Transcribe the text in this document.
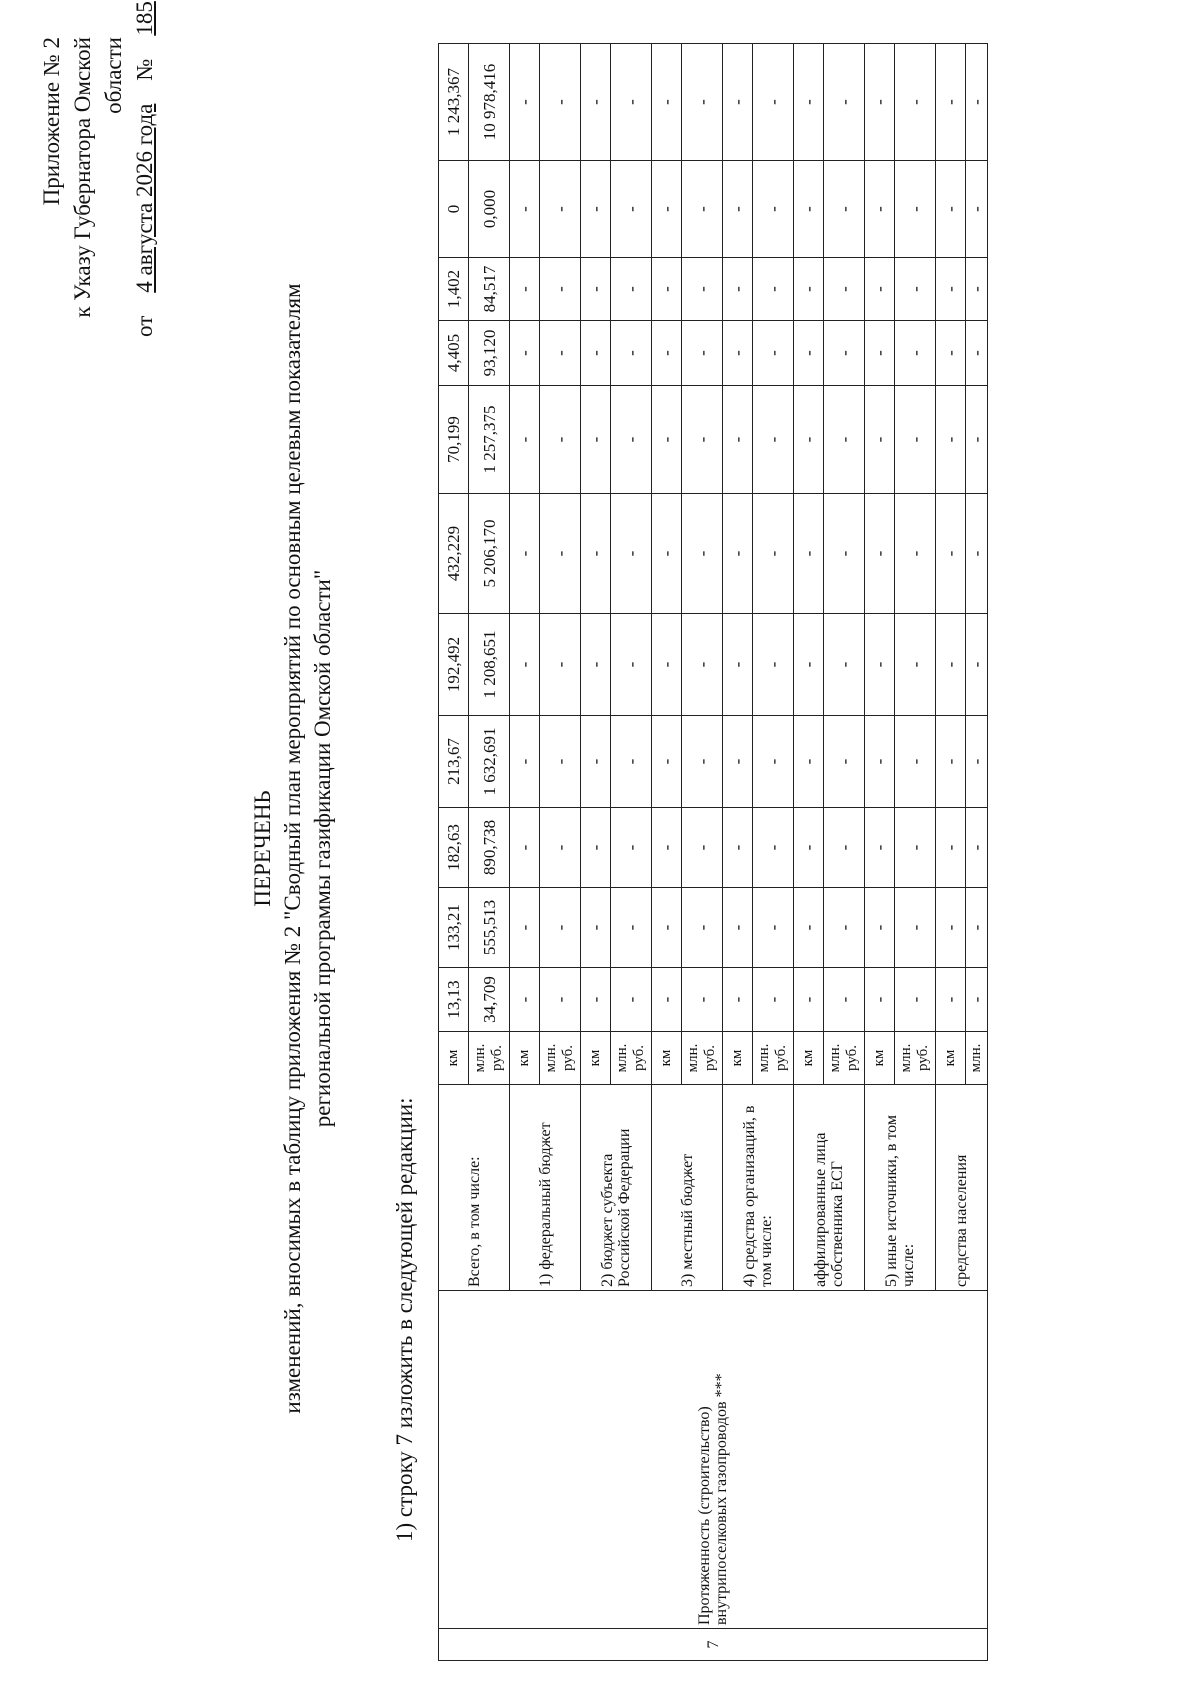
Приложение № 2 к Указу Губернатора Омской области
от    4 августа 2026 года    №    185
ПЕРЕЧЕНЬ изменений, вносимых в таблицу приложения № 2 "Сводный план мероприятий по основным целевым показателям региональной программы газификации Омской области"
1) строку 7 изложить в следующей редакции:
7	Протяженность (строительство) внутрипоселковых газопроводов ***	Всего, в том числе:	км	13,13	133,21	182,63	213,67	192,492	432,229	70,199	4,405	1,402	0	1 243,367
			млн. руб.	34,709	555,513	890,738	1 632,691	1 208,651	5 206,170	1 257,375	93,120	84,517	0,000	10 978,416
		1) федеральный бюджет	км	-	-	-	-	-	-	-	-	-	-	-
			млн. руб.	-	-	-	-	-	-	-	-	-	-	-
		2) бюджет субъекта Российской Федерации	км	-	-	-	-	-	-	-	-	-	-	-
			млн. руб.	-	-	-	-	-	-	-	-	-	-	-
		3) местный бюджет	км	-	-	-	-	-	-	-	-	-	-	-
			млн. руб.	-	-	-	-	-	-	-	-	-	-	-
		4) средства организаций, в том числе:	км	-	-	-	-	-	-	-	-	-	-	-
			млн. руб.	-	-	-	-	-	-	-	-	-	-	-
		аффилированные лица собственника ЕСГ	км	-	-	-	-	-	-	-	-	-	-	-
			млн. руб.	-	-	-	-	-	-	-	-	-	-	-
		5) иные источники, в том числе:	км	-	-	-	-	-	-	-	-	-	-	-
			млн. руб.	-	-	-	-	-	-	-	-	-	-	-
		средства населения	км	-	-	-	-	-	-	-	-	-	-	-
			млн.	-	-	-	-	-	-	-	-	-	-	-
